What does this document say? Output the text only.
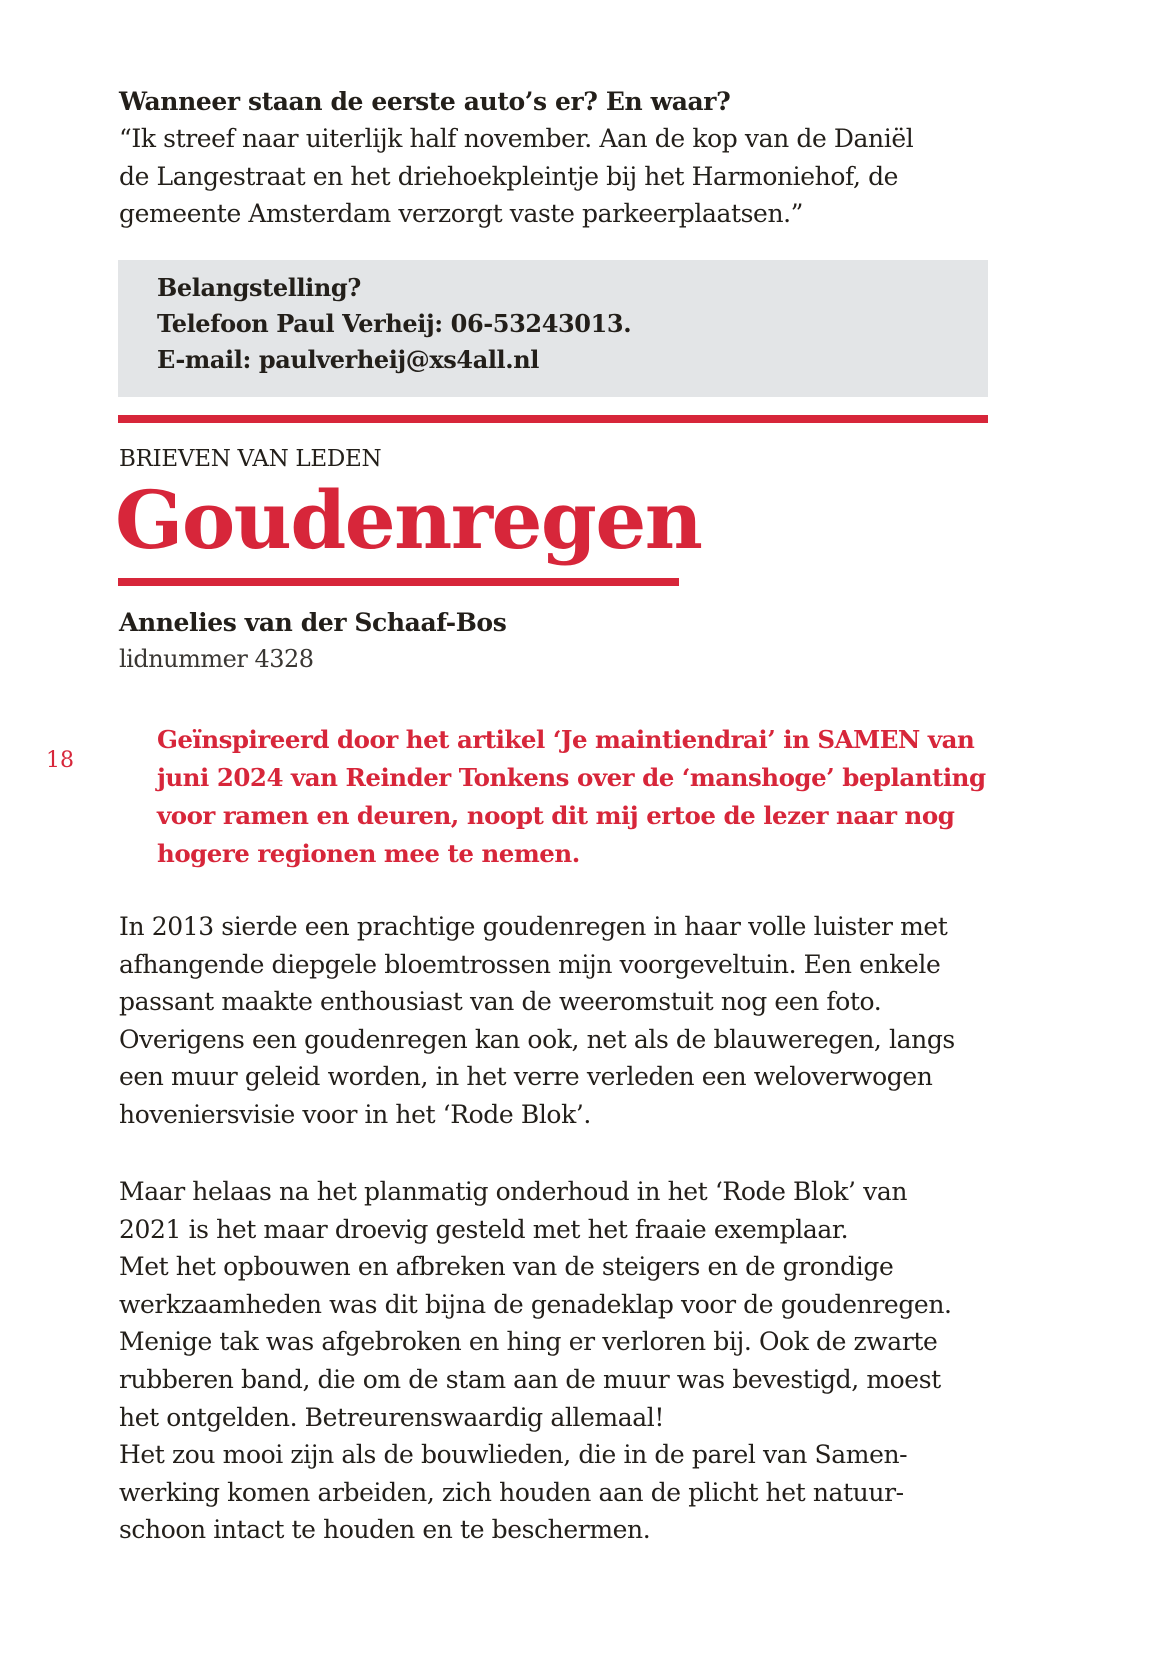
Wanneer staan de eerste auto’s er? En waar?
“Ik streef naar uiterlijk half november. Aan de kop van de Daniël
de Langestraat en het driehoekpleintje bij het Harmoniehof, de
gemeente Amsterdam verzorgt vaste parkeerplaatsen.”
Belangstelling?
Telefoon Paul Verheij: 06-53243013.
E-mail: paulverheij@xs4all.nl
BRIEVEN VAN LEDEN
Goudenregen
Annelies van der Schaaf-Bos
lidnummer 4328
18
Geïnspireerd door het artikel ‘Je maintiendrai’ in SAMEN van
juni 2024 van Reinder Tonkens over de ‘manshoge’ beplanting
voor ramen en deuren, noopt dit mij ertoe de lezer naar nog
hogere regionen mee te nemen.
In 2013 sierde een prachtige goudenregen in haar volle luister met
afhangende diepgele bloemtrossen mijn voorgeveltuin. Een enkele
passant maakte enthousiast van de weeromstuit nog een foto.
Overigens een goudenregen kan ook, net als de blauweregen, langs
een muur geleid worden, in het verre verleden een weloverwogen
hoveniersvisie voor in het ‘Rode Blok’.
Maar helaas na het planmatig onderhoud in het ‘Rode Blok’ van
2021 is het maar droevig gesteld met het fraaie exemplaar.
Met het opbouwen en afbreken van de steigers en de grondige
werkzaamheden was dit bijna de genadeklap voor de goudenregen.
Menige tak was afgebroken en hing er verloren bij. Ook de zwarte
rubberen band, die om de stam aan de muur was bevestigd, moest
het ontgelden. Betreurenswaardig allemaal!
Het zou mooi zijn als de bouwlieden, die in de parel van Samen-
werking komen arbeiden, zich houden aan de plicht het natuur-
schoon intact te houden en te beschermen.
